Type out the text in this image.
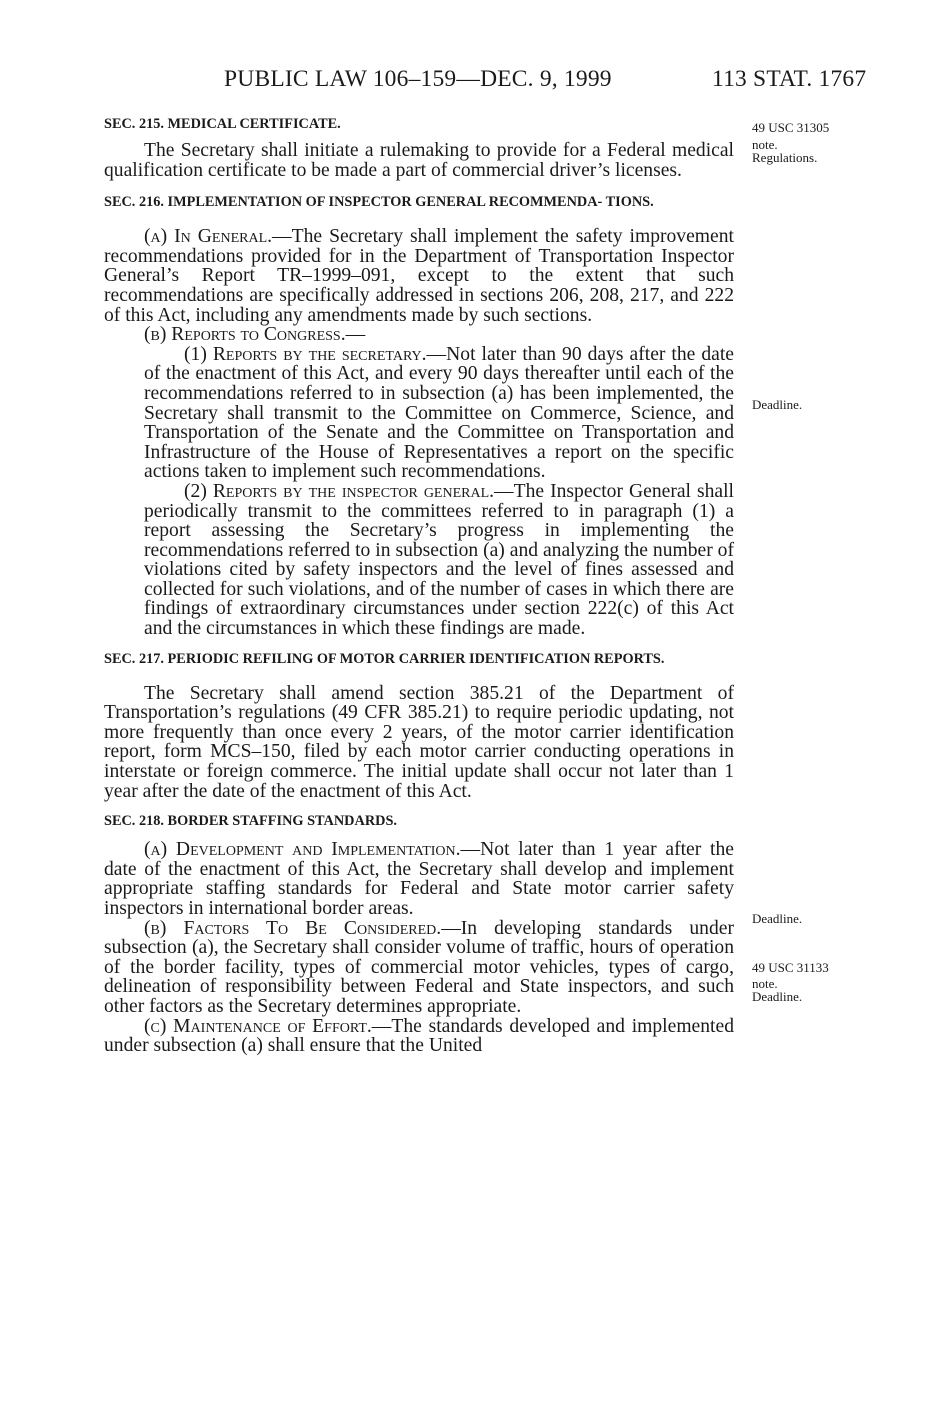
PUBLIC LAW 106–159—DEC. 9, 1999	113 STAT. 1767
49 USC 31305
note.
Regulations.
Deadline.
Deadline.
49 USC 31133
note.
Deadline.
SEC. 215. MEDICAL CERTIFICATE.

The Secretary shall initiate a rulemaking to provide for a Federal medical qualification certificate to be made a part of commercial driver’s licenses.

SEC. 216. IMPLEMENTATION OF INSPECTOR GENERAL RECOMMENDA- TIONS.

(a) In General.—The Secretary shall implement the safety improvement recommendations provided for in the Department of Transportation Inspector General’s Report TR–1999–091, except to the extent that such recommendations are specifically addressed in sections 206, 208, 217, and 222 of this Act, including any amendments made by such sections.

(b) Reports to Congress.—

(1) Reports by the secretary.—Not later than 90 days after the date of the enactment of this Act, and every 90 days thereafter until each of the recommendations referred to in subsection (a) has been implemented, the Secretary shall transmit to the Committee on Commerce, Science, and Transportation of the Senate and the Committee on Transportation and Infrastructure of the House of Representatives a report on the specific actions taken to implement such recommendations.

(2) Reports by the inspector general.—The Inspector General shall periodically transmit to the committees referred to in paragraph (1) a report assessing the Secretary’s progress in implementing the recommendations referred to in subsection (a) and analyzing the number of violations cited by safety inspectors and the level of fines assessed and collected for such violations, and of the number of cases in which there are findings of extraordinary circumstances under section 222(c) of this Act and the circumstances in which these findings are made.

SEC. 217. PERIODIC REFILING OF MOTOR CARRIER IDENTIFICATION REPORTS.

The Secretary shall amend section 385.21 of the Department of Transportation’s regulations (49 CFR 385.21) to require periodic updating, not more frequently than once every 2 years, of the motor carrier identification report, form MCS–150, filed by each motor carrier conducting operations in interstate or foreign commerce. The initial update shall occur not later than 1 year after the date of the enactment of this Act.

SEC. 218. BORDER STAFFING STANDARDS.

(a) Development and Implementation.—Not later than 1 year after the date of the enactment of this Act, the Secretary shall develop and implement appropriate staffing standards for Federal and State motor carrier safety inspectors in international border areas.

(b) Factors To Be Considered.—In developing standards under subsection (a), the Secretary shall consider volume of traffic, hours of operation of the border facility, types of commercial motor vehicles, types of cargo, delineation of responsibility between Federal and State inspectors, and such other factors as the Secretary determines appropriate.

(c) Maintenance of Effort.—The standards developed and implemented under subsection (a) shall ensure that the United
